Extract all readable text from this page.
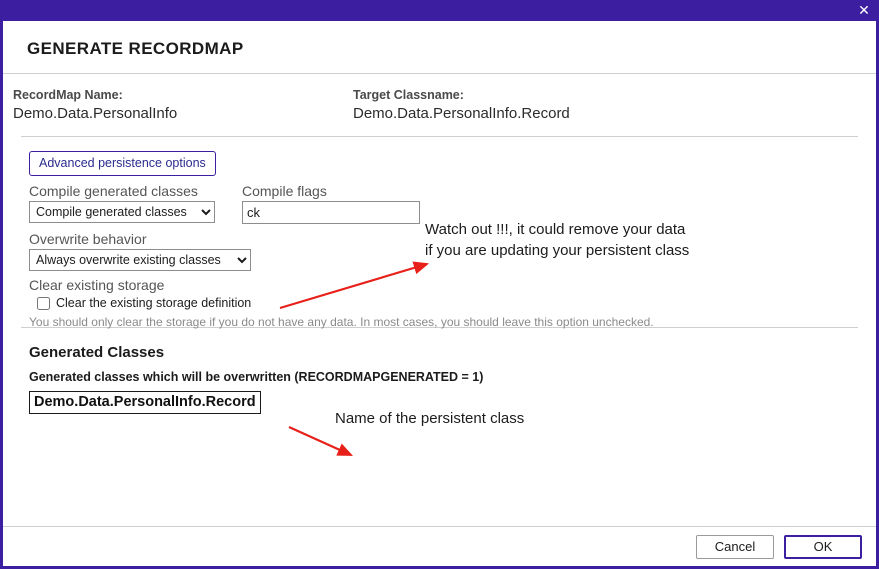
✕
GENERATE RECORDMAP
RecordMap Name:
Demo.Data.PersonalInfo
Target Classname:
Demo.Data.PersonalInfo.Record
Advanced persistence options
Compile generated classes
Compile generated classes	Compile flags
ck
Overwrite behavior
Always overwrite existing classes
Clear existing storage
Clear the existing storage definition
You should only clear the storage if you do not have any data. In most cases, you should leave this option unchecked.
Watch out !!!, it could remove your data if you are updating your persistent class
Generated Classes
Generated classes which will be overwritten (RECORDMAPGENERATED = 1)
Demo.Data.PersonalInfo.Record
Name of the persistent class
Cancel	OK
